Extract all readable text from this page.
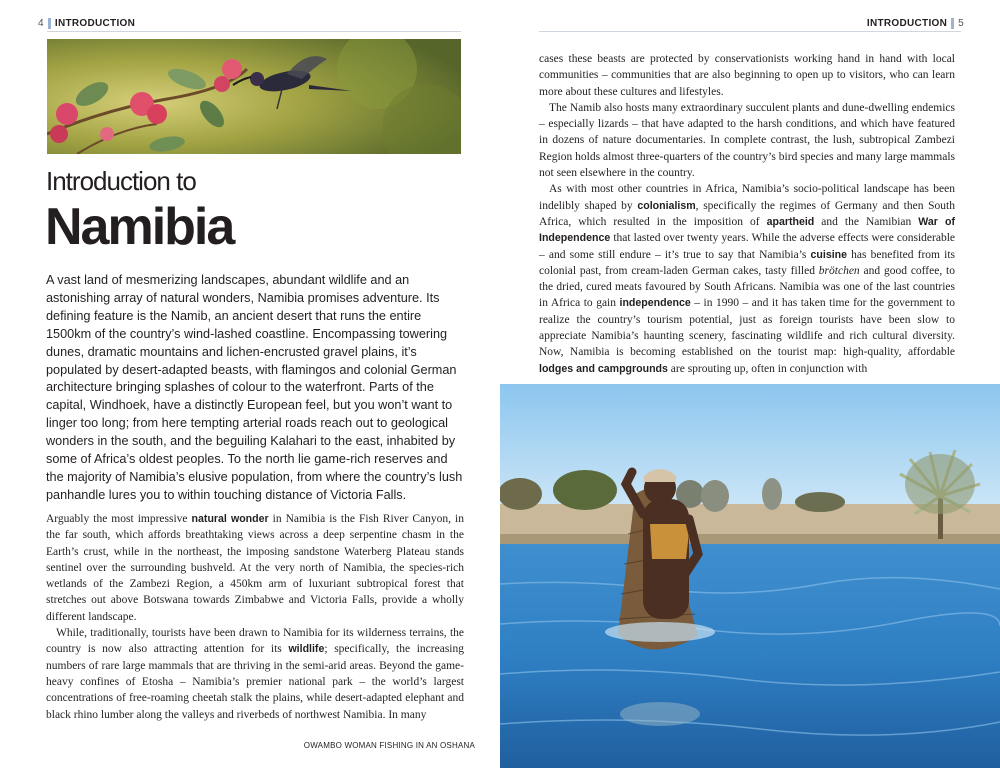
4 INTRODUCTION
Introduction to
Namibia
A vast land of mesmerizing landscapes, abundant wildlife and an astonishing array of natural wonders, Namibia promises adventure. Its defining feature is the Namib, an ancient desert that runs the entire 1500km of the country’s wind-lashed coastline. Encompassing towering dunes, dramatic mountains and lichen-encrusted gravel plains, it’s populated by desert-adapted beasts, with flamingos and colonial German architecture bringing splashes of colour to the waterfront. Parts of the capital, Windhoek, have a distinctly European feel, but you won’t want to linger too long; from here tempting arterial roads reach out to geological wonders in the south, and the beguiling Kalahari to the east, inhabited by some of Africa’s oldest peoples. To the north lie game-rich reserves and the majority of Namibia’s elusive population, from where the country’s lush panhandle lures you to within touching distance of Victoria Falls.

Arguably the most impressive natural wonder in Namibia is the Fish River Canyon, in the far south, which affords breathtaking views across a deep serpentine chasm in the Earth’s crust, while in the northeast, the imposing sandstone Waterberg Plateau stands sentinel over the surrounding bushveld. At the very north of Namibia, the species-rich wetlands of the Zambezi Region, a 450km arm of luxuriant subtropical forest that stretches out above Botswana towards Zimbabwe and Victoria Falls, provide a wholly different landscape.

While, traditionally, tourists have been drawn to Namibia for its wilderness terrains, the country is now also attracting attention for its wildlife; specifically, the increasing numbers of rare large mammals that are thriving in the semi-arid areas. Beyond the game-heavy confines of Etosha – Namibia’s premier national park – the world’s largest concentrations of free-roaming cheetah stalk the plains, while desert-adapted elephant and black rhino lumber along the valleys and riverbeds of northwest Namibia. In many

OWAMBO WOMAN FISHING IN AN OSHANA
INTRODUCTION 5

cases these beasts are protected by conservationists working hand in hand with local communities – communities that are also beginning to open up to visitors, who can learn more about these cultures and lifestyles.

The Namib also hosts many extraordinary succulent plants and dune-dwelling endemics – especially lizards – that have adapted to the harsh conditions, and which have featured in dozens of nature documentaries. In complete contrast, the lush, subtropical Zambezi Region holds almost three-quarters of the country’s bird species and many large mammals not seen elsewhere in the country.

As with most other countries in Africa, Namibia’s socio-political landscape has been indelibly shaped by colonialism, specifically the regimes of Germany and then South Africa, which resulted in the imposition of apartheid and the Namibian War of Independence that lasted over twenty years. While the adverse effects were considerable – and some still endure – it’s true to say that Namibia’s cuisine has benefited from its colonial past, from cream-laden German cakes, tasty filled brötchen and good coffee, to the dried, cured meats favoured by South Africans. Namibia was one of the last countries in Africa to gain independence – in 1990 – and it has taken time for the government to realize the country’s tourism potential, just as foreign tourists have been slow to appreciate Namibia’s haunting scenery, fascinating wildlife and rich cultural diversity. Now, Namibia is becoming established on the tourist map: high-quality, affordable lodges and campgrounds are sprouting up, often in conjunction with
